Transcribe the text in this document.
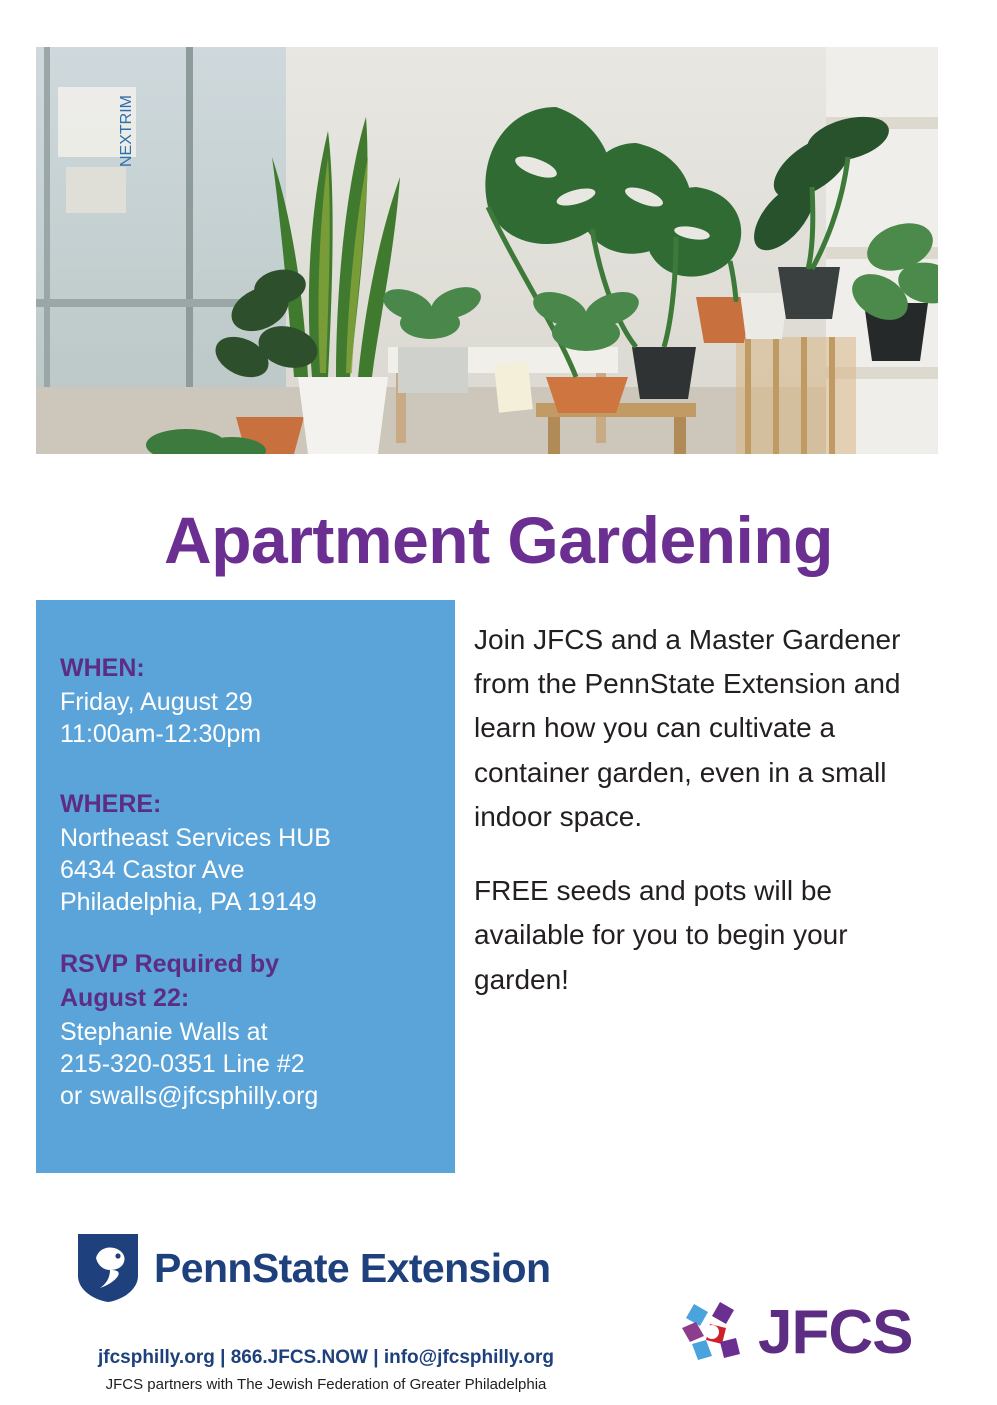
NEXTRIM
Apartment Gardening
WHEN:
Friday, August 29
11:00am-12:30pm
WHERE:
Northeast Services HUB
6434 Castor Ave
Philadelphia, PA 19149
RSVP Required by
August 22:
Stephanie Walls at
215-320-0351 Line #2
or swalls@jfcsphilly.org

Join JFCS and a Master Gardener from the PennState Extension and learn how you can cultivate a container garden, even in a small indoor space.

FREE seeds and pots will be available for you to begin your garden!

PennState Extension
JFCS
jfcsphilly.org | 866.JFCS.NOW | info@jfcsphilly.org
JFCS partners with The Jewish Federation of Greater Philadelphia
